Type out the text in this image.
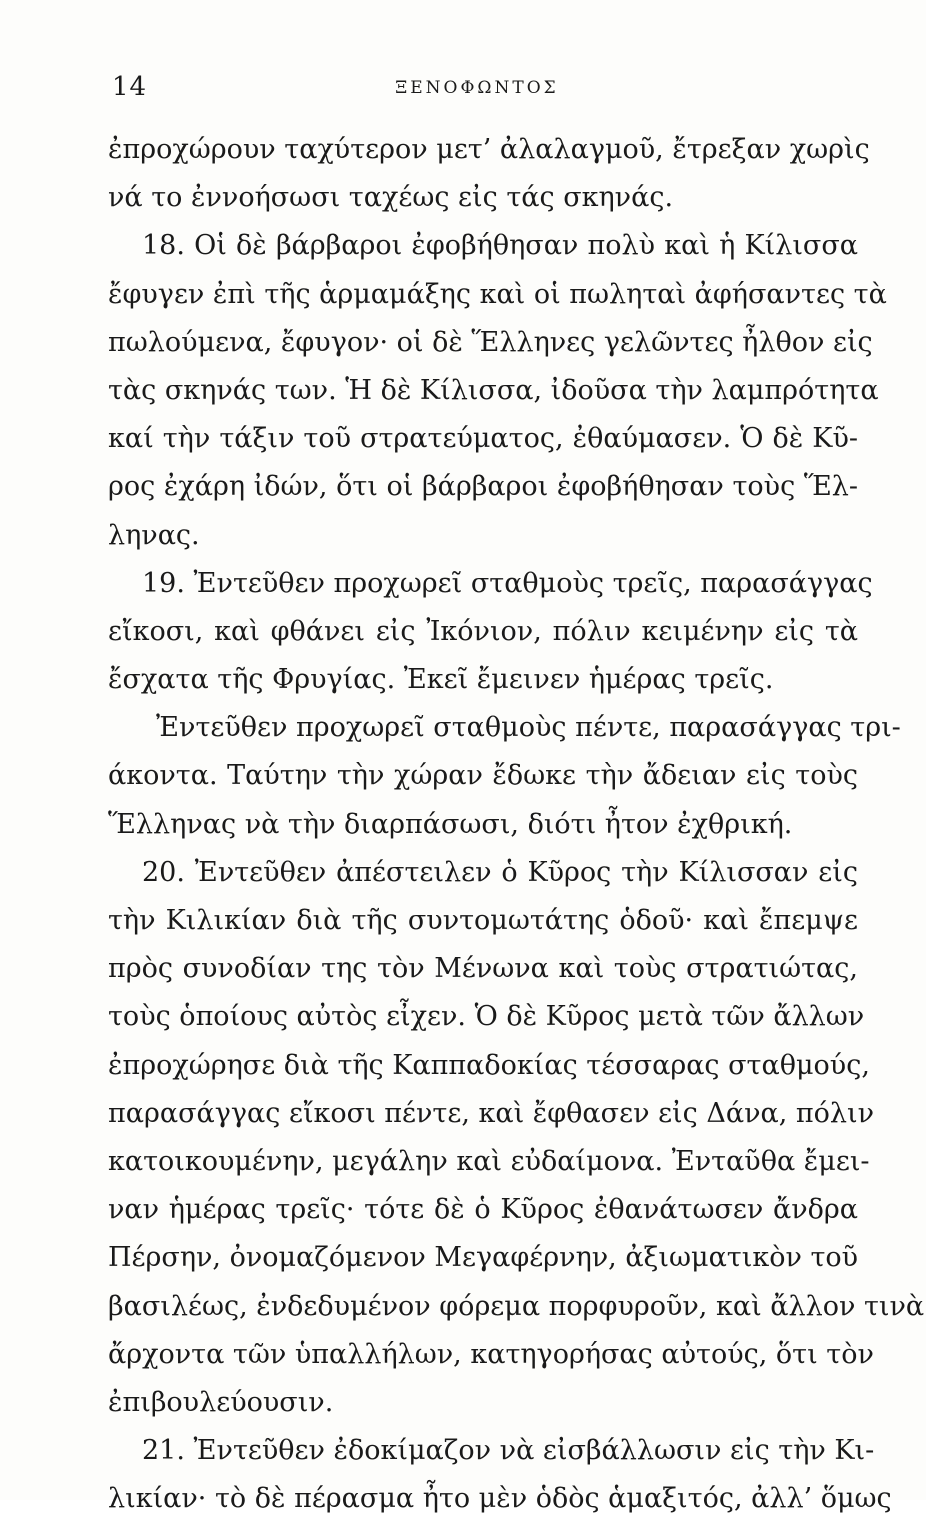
14	ΞΕΝΟΦΩΝΤΟΣ
ἐπροχώρουν ταχύτερον μετ’ ἀλαλαγμοῦ, ἔτρεξαν χωρὶς
νά το ἐννοήσωσι ταχέως εἰς τάς σκηνάς.
18. Οἱ δὲ βάρβαροι ἐφοβήθησαν πολὺ καὶ ἡ Κίλισσα
ἔφυγεν ἐπὶ τῆς ἁρμαμάξης καὶ οἱ πωληταὶ ἀφήσαντες τὰ
πωλούμενα, ἔφυγον· οἱ δὲ Ἕλληνες γελῶντες ἦλθον εἰς
τὰς σκηνάς των. Ἡ δὲ Κίλισσα, ἰδοῦσα τὴν λαμπρότητα
καί τὴν τάξιν τοῦ στρατεύματος, ἐθαύμασεν. Ὁ δὲ Κῦ-
ρος ἐχάρη ἰδών, ὅτι οἱ βάρβαροι ἐφοβήθησαν τοὺς Ἕλ-
ληνας.
19. Ἐντεῦθεν προχωρεῖ σταθμοὺς τρεῖς, παρασάγγας
εἴκοσι, καὶ φθάνει εἰς Ἰκόνιον, πόλιν κειμένην εἰς τὰ
ἔσχατα τῆς Φρυγίας. Ἐκεῖ ἔμεινεν ἡμέρας τρεῖς.
Ἐντεῦθεν προχωρεῖ σταθμοὺς πέντε, παρασάγγας τρι-
άκοντα. Ταύτην τὴν χώραν ἔδωκε τὴν ἄδειαν εἰς τοὺς
Ἕλληνας νὰ τὴν διαρπάσωσι, διότι ἦτον ἐχθρική.
20. Ἐντεῦθεν ἀπέστειλεν ὁ Κῦρος τὴν Κίλισσαν εἰς
τὴν Κιλικίαν διὰ τῆς συντομωτάτης ὁδοῦ· καὶ ἔπεμψε
πρὸς συνοδίαν της τὸν Μένωνα καὶ τοὺς στρατιώτας,
τοὺς ὁποίους αὐτὸς εἶχεν. Ὁ δὲ Κῦρος μετὰ τῶν ἄλλων
ἐπροχώρησε διὰ τῆς Καππαδοκίας τέσσαρας σταθμούς,
παρασάγγας εἴκοσι πέντε, καὶ ἔφθασεν εἰς Δάνα, πόλιν
κατοικουμένην, μεγάλην καὶ εὐδαίμονα. Ἐνταῦθα ἔμει-
ναν ἡμέρας τρεῖς· τότε δὲ ὁ Κῦρος ἐθανάτωσεν ἄνδρα
Πέρσην, ὀνομαζόμενον Μεγαφέρνην, ἀξιωματικὸν τοῦ
βασιλέως, ἐνδεδυμένον φόρεμα πορφυροῦν, καὶ ἄλλον τινὰ
ἄρχοντα τῶν ὑπαλλήλων, κατηγορήσας αὐτούς, ὅτι τὸν
ἐπιβουλεύουσιν.
21. Ἐντεῦθεν ἐδοκίμαζον νὰ εἰσβάλλωσιν εἰς τὴν Κι-
λικίαν· τὸ δὲ πέρασμα ἦτο μὲν ὁδὸς ἁμαξιτός, ἀλλ’ ὅμως
